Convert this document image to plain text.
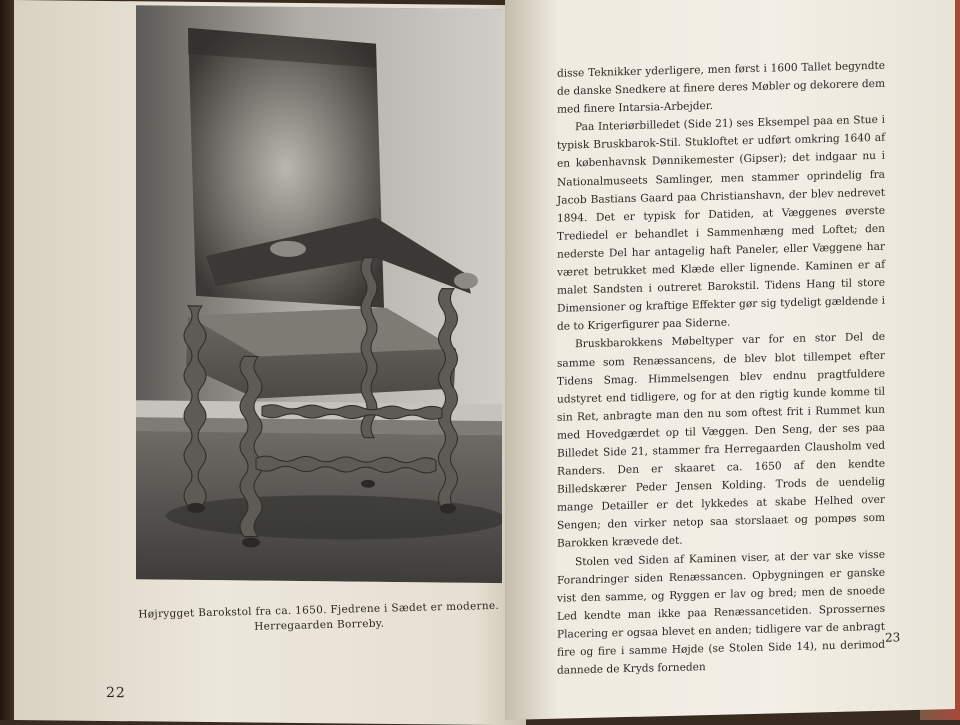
Højrygget Barokstol fra ca. 1650. Fjedrene i Sædet er moderne.
Herregaarden Borreby.
22

disse Teknikker yderligere, men først i 1600 Tallet begyndte de danske Snedkere at finere deres Møbler og dekorere dem med finere Intarsia-Arbejder.

Paa Interiørbilledet (Side 21) ses Eksempel paa en Stue i typisk Bruskbarok-Stil. Stukloftet er udført omkring 1640 af en københavnsk Dønnikemester (Gipser); det indgaar nu i Nationalmuseets Samlinger, men stammer oprindelig fra Jacob Bastians Gaard paa Christianshavn, der blev nedrevet 1894. Det er typisk for Datiden, at Væggenes øverste Trediedel er behandlet i Sammenhæng med Loftet; den nederste Del har antagelig haft Paneler, eller Væggene har været betrukket med Klæde eller lignende. Kaminen er af malet Sandsten i outreret Barokstil. Tidens Hang til store Dimensioner og kraftige Effekter gør sig tydeligt gældende i de to Krigerfigurer paa Siderne.

Bruskbarokkens Møbeltyper var for en stor Del de samme som Renæssancens, de blev blot tillempet efter Tidens Smag. Himmelsengen blev endnu pragtfuldere udstyret end tidligere, og for at den rigtig kunde komme til sin Ret, anbragte man den nu som oftest frit i Rummet kun med Hovedgærdet op til Væggen. Den Seng, der ses paa Billedet Side 21, stammer fra Herregaarden Clausholm ved Randers. Den er skaaret ca. 1650 af den kendte Billedskærer Peder Jensen Kolding. Trods de uendelig mange Detailler er det lykkedes at skabe Helhed over Sengen; den virker netop saa storslaaet og pompøs som Barokken krævede det.

Stolen ved Siden af Kaminen viser, at der var ske visse Forandringer siden Renæssancen. Opbygningen er ganske vist den samme, og Ryggen er lav og bred; men de snoede Led kendte man ikke paa Renæssancetiden. Sprossernes Placering er ogsaa blevet en anden; tidligere var de anbragt fire og fire i samme Højde (se Stolen Side 14), nu derimod dannede de Kryds forneden

23
